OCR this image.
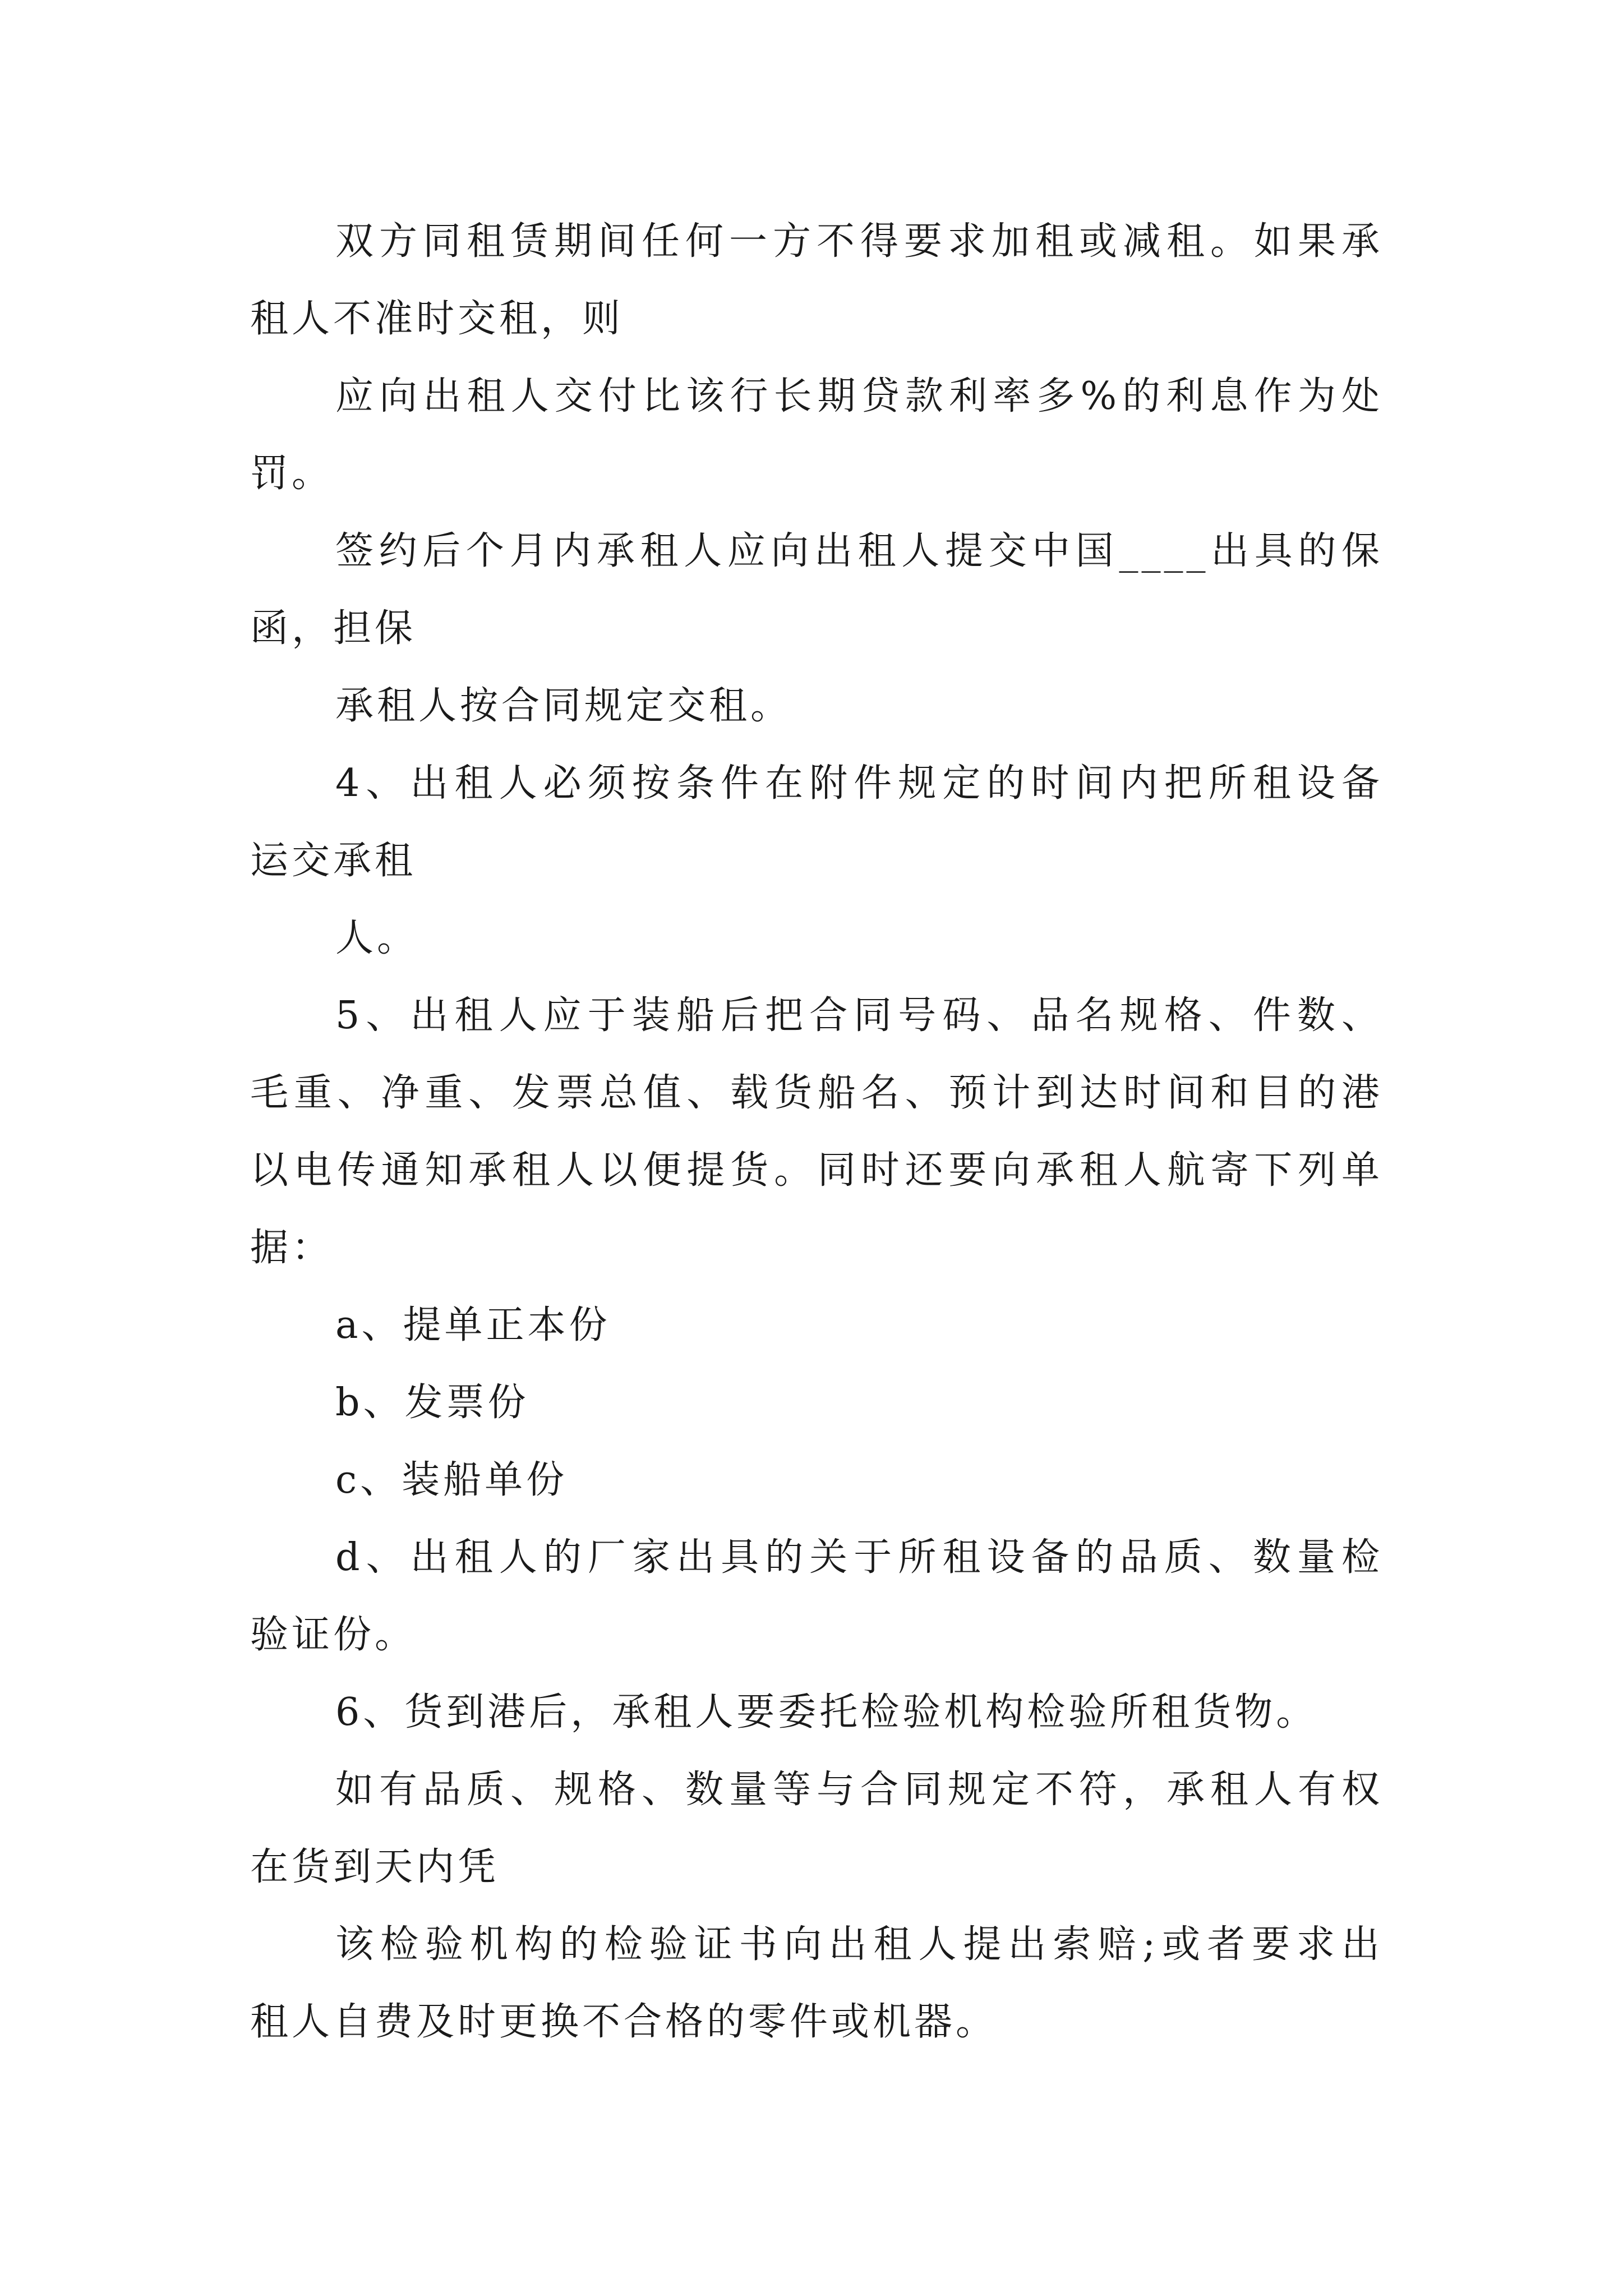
双方同租赁期间任何一方不得要求加租或减租。如果承
租人不准时交租，则
应向出租人交付比该行长期贷款利率多%的利息作为处
罚。
签约后个月内承租人应向出租人提交中国____出具的保
函，担保
承租人按合同规定交租。
4、出租人必须按条件在附件规定的时间内把所租设备
运交承租
人。
5、出租人应于装船后把合同号码、品名规格、件数、
毛重、净重、发票总值、载货船名、预计到达时间和目的港
以电传通知承租人以便提货。同时还要向承租人航寄下列单
据：
a、提单正本份
b、发票份
c、装船单份
d、出租人的厂家出具的关于所租设备的品质、数量检
验证份。
6、货到港后，承租人要委托检验机构检验所租货物。
如有品质、规格、数量等与合同规定不符，承租人有权
在货到天内凭
该检验机构的检验证书向出租人提出索赔;或者要求出
租人自费及时更换不合格的零件或机器。
